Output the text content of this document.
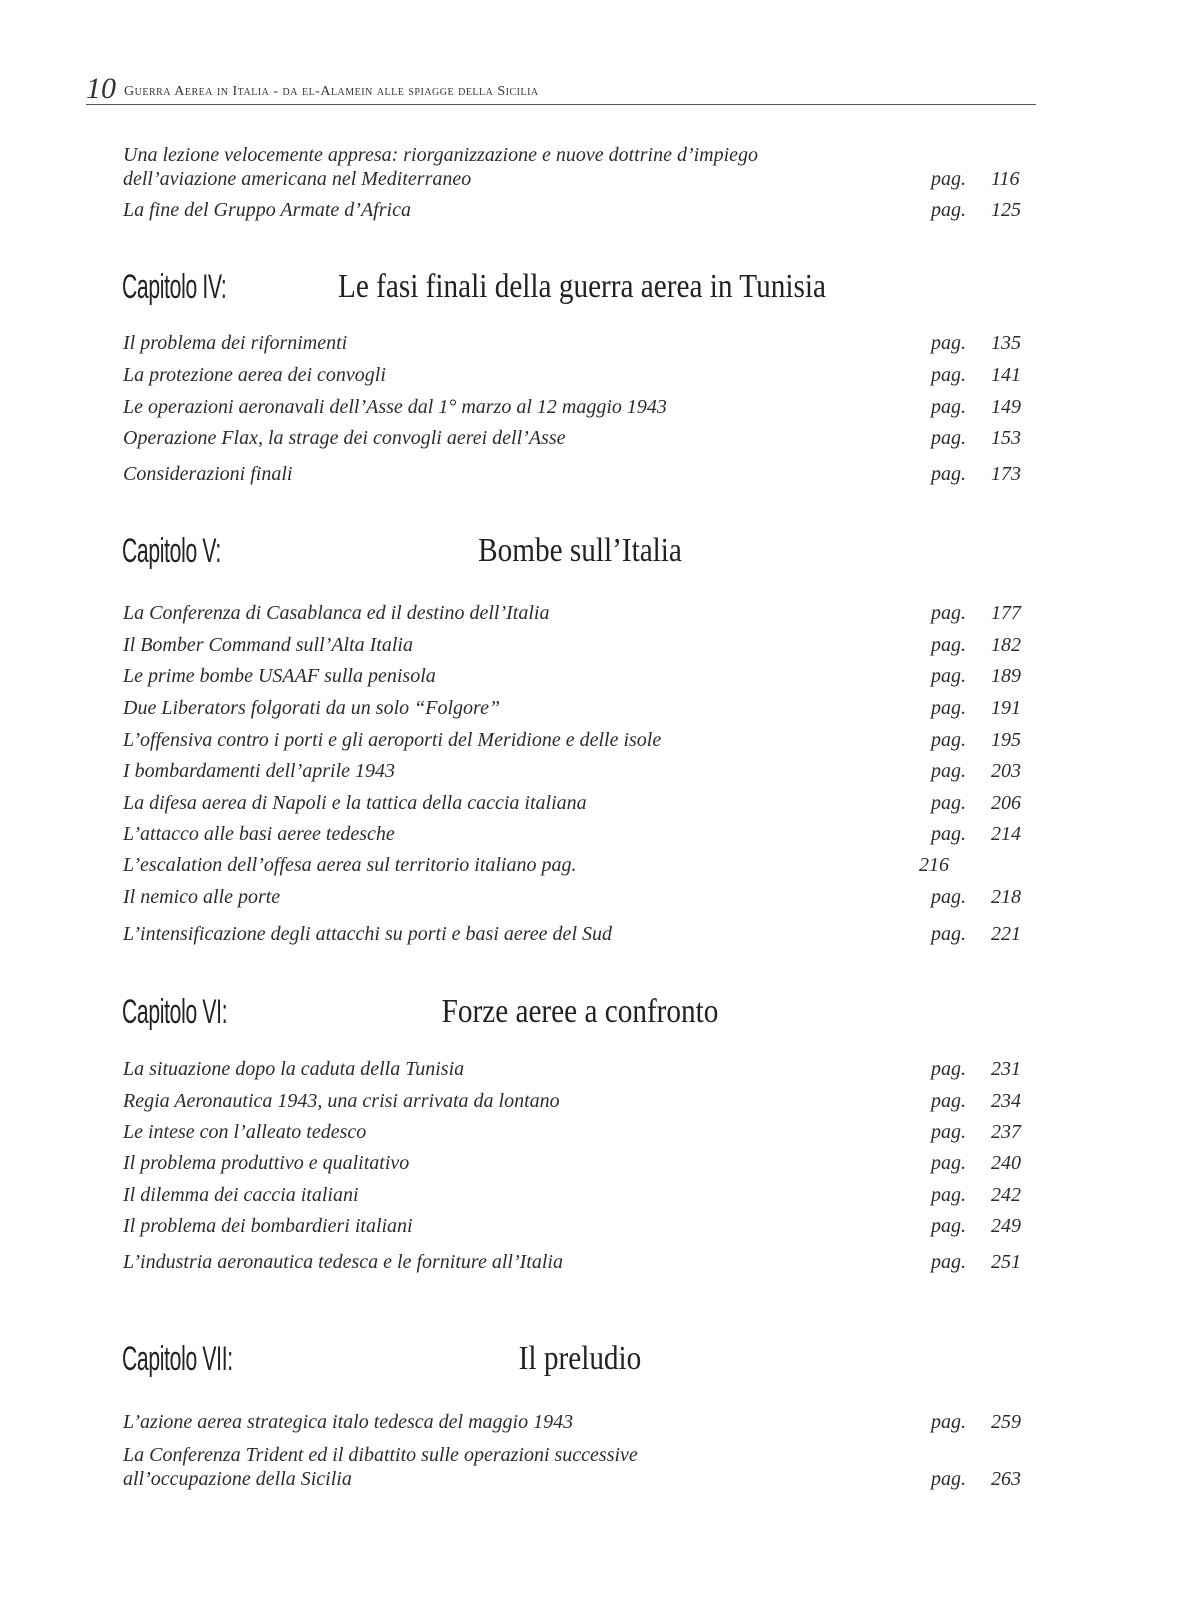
10 Guerra Aerea in Italia - da el-Alamein alle spiagge della Sicilia
Una lezione velocemente appresa: riorganizzazione e nuove dottrine d’impiego
dell’aviazione americana nel Mediterraneo	pag. 116
La fine del Gruppo Armate d’Africa	pag. 125
Capitolo IV:	Le fasi finali della guerra aerea in Tunisia
Il problema dei rifornimenti	pag. 135
La protezione aerea dei convogli	pag. 141
Le operazioni aeronavali dell’Asse dal 1° marzo al 12 maggio 1943	pag. 149
Operazione Flax, la strage dei convogli aerei dell’Asse	pag. 153
Considerazioni finali	pag. 173
Capitolo V:	Bombe sull’Italia
La Conferenza di Casablanca ed il destino dell’Italia	pag. 177
Il Bomber Command sull’Alta Italia	pag. 182
Le prime bombe USAAF sulla penisola	pag. 189
Due Liberators folgorati da un solo “Folgore”	pag. 191
L’offensiva contro i porti e gli aeroporti del Meridione e delle isole	pag. 195
I bombardamenti dell’aprile 1943	pag. 203
La difesa aerea di Napoli e la tattica della caccia italiana	pag. 206
L’attacco alle basi aeree tedesche	pag. 214
L’escalation dell’offesa aerea sul territorio italiano pag.	216
Il nemico alle porte	pag. 218
L’intensificazione degli attacchi su porti e basi aeree del Sud	pag. 221
Capitolo VI:	Forze aeree a confronto
La situazione dopo la caduta della Tunisia	pag. 231
Regia Aeronautica 1943, una crisi arrivata da lontano	pag. 234
Le intese con l’alleato tedesco	pag. 237
Il problema produttivo e qualitativo	pag. 240
Il dilemma dei caccia italiani	pag. 242
Il problema dei bombardieri italiani	pag. 249
L’industria aeronautica tedesca e le forniture all’Italia	pag. 251
Capitolo VII:	Il preludio
L’azione aerea strategica italo tedesca del maggio 1943	pag. 259
La Conferenza Trident ed il dibattito sulle operazioni successive
all’occupazione della Sicilia	pag. 263
